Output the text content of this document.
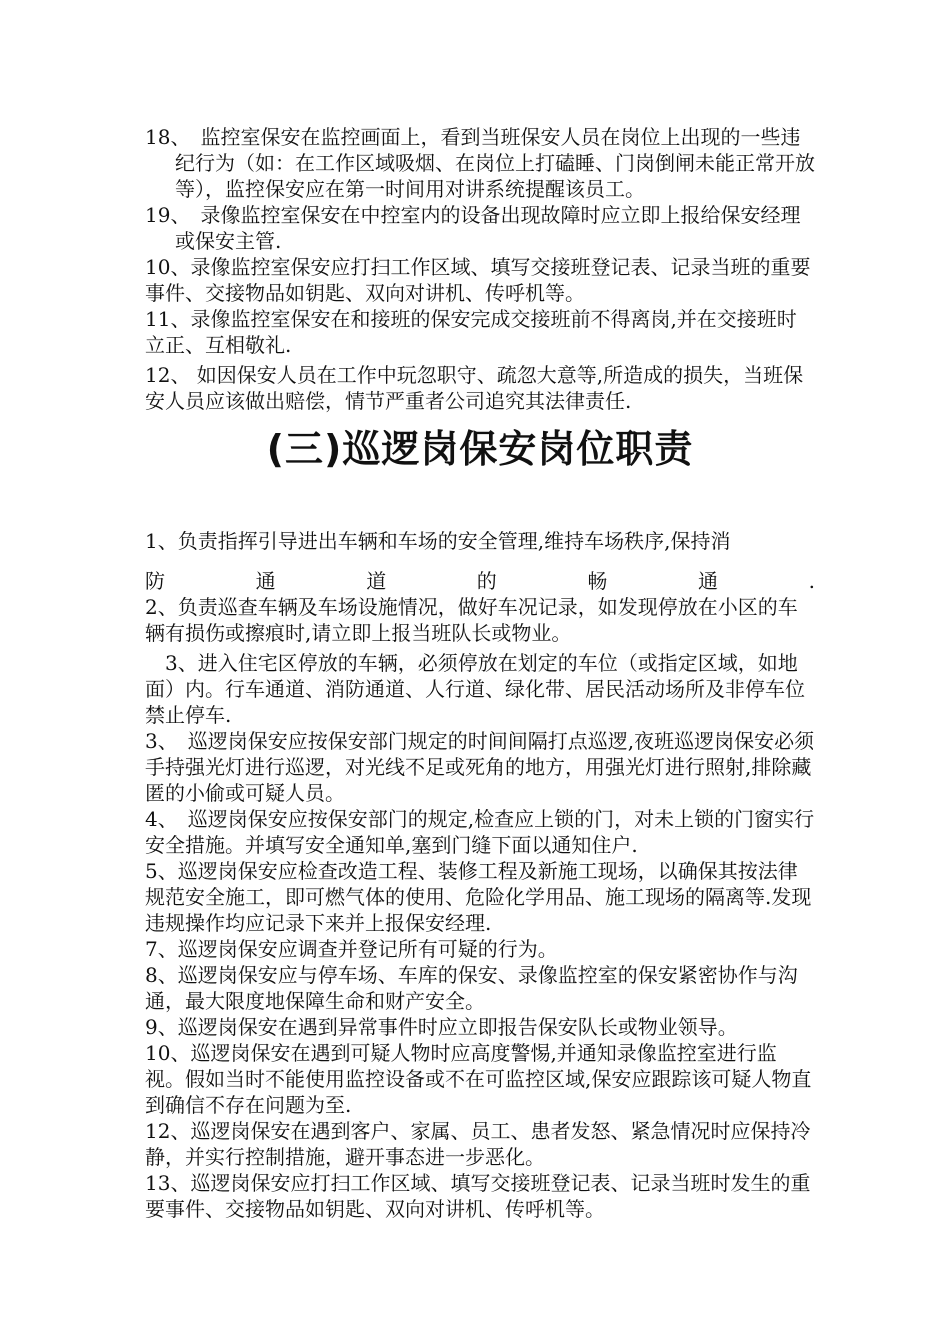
18、　监控室保安在监控画面上，看到当班保安人员在岗位上出现的一些违纪行为（如：在工作区域吸烟、在岗位上打磕睡、门岗倒闸未能正常开放等），监控保安应在第一时间用对讲系统提醒该员工。

19、　录像监控室保安在中控室内的设备出现故障时应立即上报给保安经理或保安主管.

10、录像监控室保安应打扫工作区域、填写交接班登记表、记录当班的重要事件、交接物品如钥匙、双向对讲机、传呼机等。

11、录像监控室保安在和接班的保安完成交接班前不得离岗,并在交接班时立正、互相敬礼.

12、 如因保安人员在工作中玩忽职守、疏忽大意等,所造成的损失，当班保安人员应该做出赔偿，情节严重者公司追究其法律责任.

(三)巡逻岗保安岗位职责

1、负责指挥引导进出车辆和车场的安全管理,维持车场秩序,保持消

防	通	道	的	畅	通	.

2、负责巡查车辆及车场设施情况，做好车况记录，如发现停放在小区的车辆有损伤或擦痕时,请立即上报当班队长或物业。

3、进入住宅区停放的车辆，必须停放在划定的车位（或指定区域，如地面）内。行车通道、消防通道、人行道、绿化带、居民活动场所及非停车位禁止停车.

3、　巡逻岗保安应按保安部门规定的时间间隔打点巡逻,夜班巡逻岗保安必须手持强光灯进行巡逻，对光线不足或死角的地方，用强光灯进行照射,排除藏匿的小偷或可疑人员。

4、　巡逻岗保安应按保安部门的规定,检查应上锁的门，对未上锁的门窗实行安全措施。并填写安全通知单,塞到门缝下面以通知住户.

5、巡逻岗保安应检查改造工程、装修工程及新施工现场，以确保其按法律规范安全施工，即可燃气体的使用、危险化学用品、施工现场的隔离等.发现违规操作均应记录下来并上报保安经理.

7、巡逻岗保安应调查并登记所有可疑的行为。

8、巡逻岗保安应与停车场、车库的保安、录像监控室的保安紧密协作与沟通，最大限度地保障生命和财产安全。

9、巡逻岗保安在遇到异常事件时应立即报告保安队长或物业领导。

10、巡逻岗保安在遇到可疑人物时应高度警惕,并通知录像监控室进行监视。假如当时不能使用监控设备或不在可监控区域,保安应跟踪该可疑人物直到确信不存在问题为至.

12、巡逻岗保安在遇到客户、家属、员工、患者发怒、紧急情况时应保持冷静，并实行控制措施，避开事态进一步恶化。

13、巡逻岗保安应打扫工作区域、填写交接班登记表、记录当班时发生的重要事件、交接物品如钥匙、双向对讲机、传呼机等。
